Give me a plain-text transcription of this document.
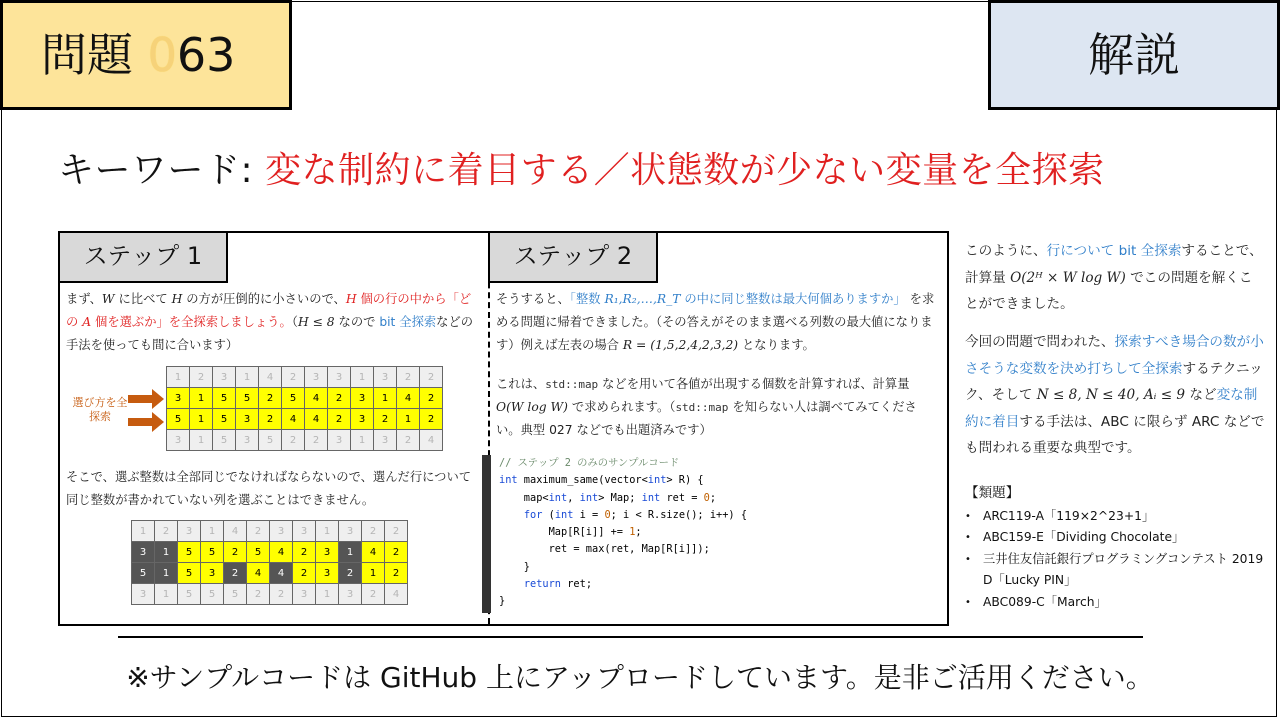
問題 063	解説
キーワード: 変な制約に着目する／状態数が少ない変量を全探索
ステップ 1	ステップ 2
まず、W に比べて H の方が圧倒的に小さいので、H 個の行の中から「どの A 個を選ぶか」を全探索しましょう。（H ≤ 8 なので bit 全探索などの手法を使っても間に合います）
選び方を全探索
1	2	3	1	4	2	3	3	1	3	2	2
3	1	5	5	2	5	4	2	3	1	4	2
5	1	5	3	2	4	4	2	3	2	1	2
3	1	5	3	5	2	2	3	1	3	2	4
そこで、選ぶ整数は全部同じでなければならないので、選んだ行について同じ整数が書かれていない列を選ぶことはできません。
1	2	3	1	4	2	3	3	1	3	2	2
3	1	5	5	2	5	4	2	3	1	4	2
5	1	5	3	2	4	4	2	3	2	1	2
3	1	5	5	5	2	2	3	1	3	2	4
そうすると、「整数 R₁,R₂,…,R_T の中に同じ整数は最大何個ありますか」 を求める問題に帰着できました。（その答えがそのまま選べる列数の最大値になります）例えば左表の場合 R = (1,5,2,4,2,3,2) となります。
これは、std::map などを用いて各値が出現する個数を計算すれば、計算量 O(W log W) で求められます。（std::map を知らない人は調べてみてください。典型 027 などでも出題済みです）
// ステップ 2 のみのサンプルコード
int maximum_same(vector<int> R) {
map<int, int> Map; int ret = 0;
for (int i = 0; i < R.size(); i++) {
Map[R[i]] += 1;
ret = max(ret, Map[R[i]]);
}
return ret;
}
このように、行について bit 全探索することで、計算量 O(2ᴴ × W log W) でこの問題を解くことができました。
今回の問題で問われた、探索すべき場合の数が小さそうな変数を決め打ちして全探索するテクニック、そして N ≤ 8, N ≤ 40, Aᵢ ≤ 9 など変な制約に着目する手法は、ABC に限らず ARC などでも問われる重要な典型です。
【類題】
• ARC119-A「119×2^23+1」
• ABC159-E「Dividing Chocolate」
• 三井住友信託銀行プログラミングコンテスト 2019 D「Lucky PIN」
• ABC089-C「March」
※サンプルコードは GitHub 上にアップロードしています。是非ご活用ください。
